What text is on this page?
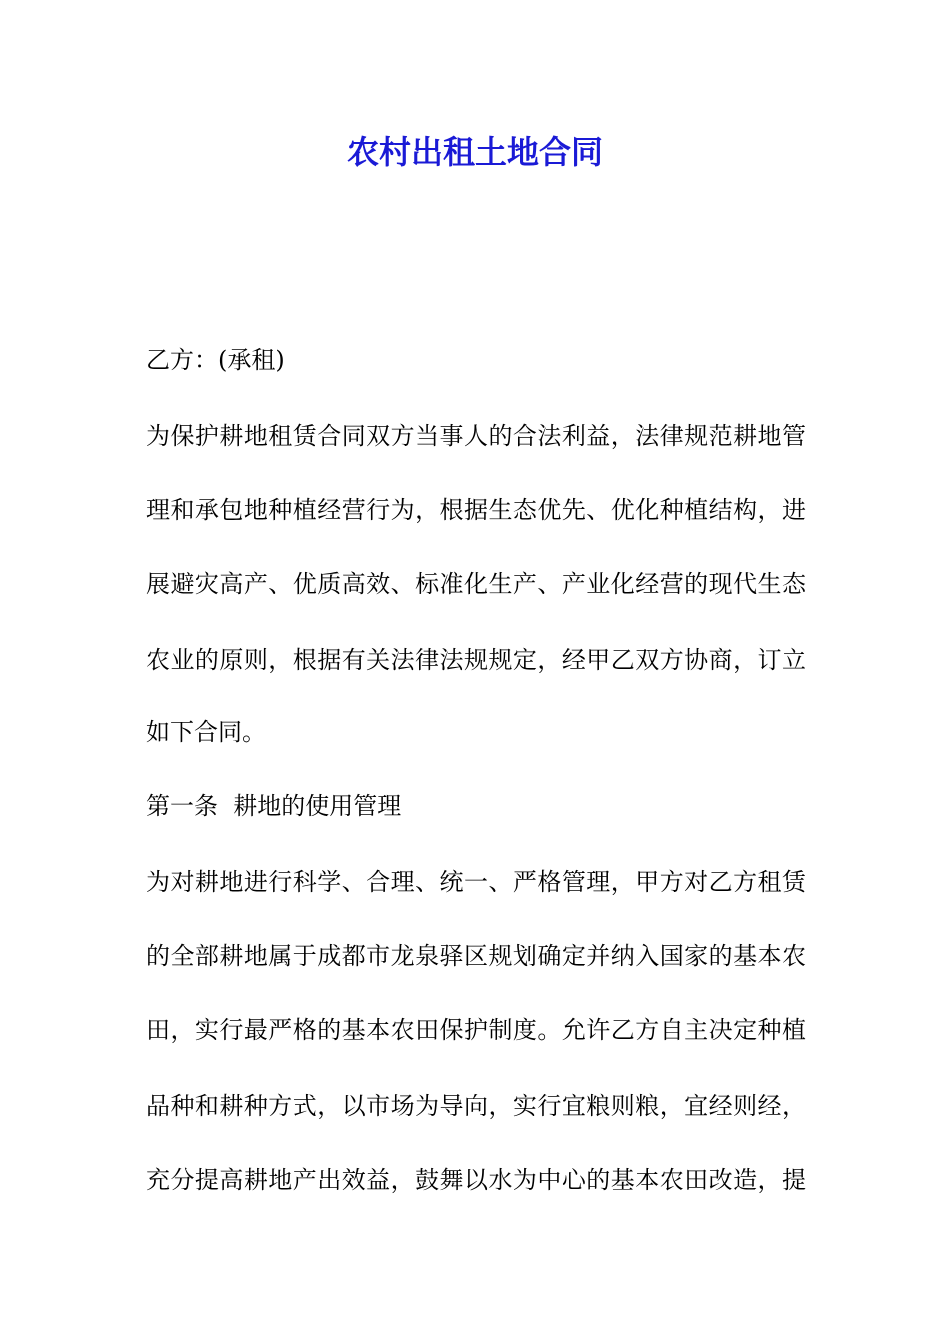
农村出租土地合同
乙方：(承租)
为保护耕地租赁合同双方当事人的合法利益，法律规范耕地管
理和承包地种植经营行为，根据生态优先、优化种植结构，进
展避灾高产、优质高效、标准化生产、产业化经营的现代生态
农业的原则，根据有关法律法规规定，经甲乙双方协商，订立
如下合同。
第一条  耕地的使用管理
为对耕地进行科学、合理、统一、严格管理，甲方对乙方租赁
的全部耕地属于成都市龙泉驿区规划确定并纳入国家的基本农
田，实行最严格的基本农田保护制度。允许乙方自主决定种植
品种和耕种方式，以市场为导向，实行宜粮则粮，宜经则经，
充分提高耕地产出效益，鼓舞以水为中心的基本农田改造，提
